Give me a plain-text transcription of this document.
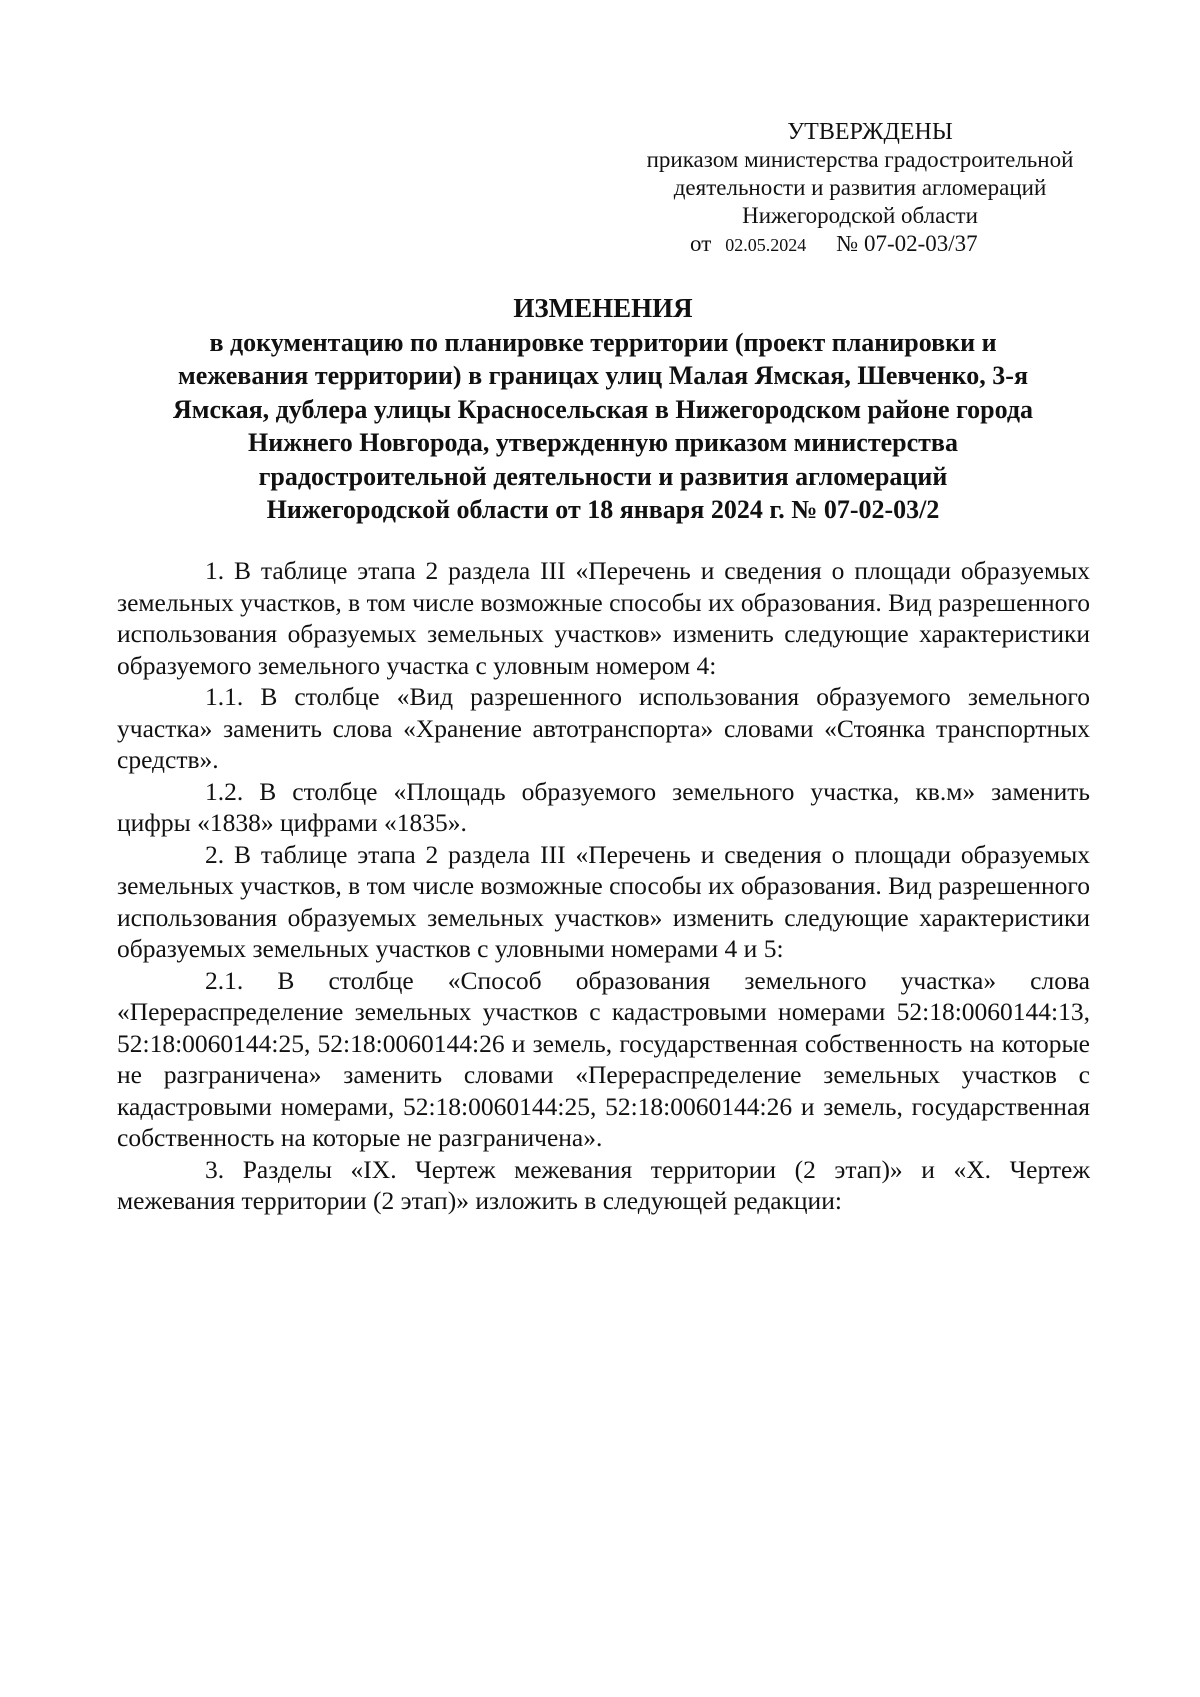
УТВЕРЖДЕНЫ
приказом министерства градостроительной
деятельности и развития агломераций
Нижегородской области
от 02.05.2024 № 07-02-03/37
ИЗМЕНЕНИЯ
в документацию по планировке территории (проект планировки и
межевания территории) в границах улиц Малая Ямская, Шевченко, 3-я
Ямская, дублера улицы Красносельская в Нижегородском районе города
Нижнего Новгорода, утвержденную приказом министерства
градостроительной деятельности и развития агломераций
Нижегородской области от 18 января 2024 г. № 07-02-03/2

1. В таблице этапа 2 раздела III «Перечень и сведения о площади образуемых земельных участков, в том числе возможные способы их образования. Вид разрешенного использования образуемых земельных участков» изменить следующие характеристики образуемого земельного участка с уловным номером 4:

1.1. В столбце «Вид разрешенного использования образуемого земельного участка» заменить слова «Хранение автотранспорта» словами «Стоянка транспортных средств».

1.2. В столбце «Площадь образуемого земельного участка, кв.м» заменить цифры «1838» цифрами «1835».

2. В таблице этапа 2 раздела III «Перечень и сведения о площади образуемых земельных участков, в том числе возможные способы их образования. Вид разрешенного использования образуемых земельных участков» изменить следующие характеристики образуемых земельных участков с уловными номерами 4 и 5:

2.1. В столбце «Способ образования земельного участка» слова «Перераспределение земельных участков с кадастровыми номерами 52:18:0060144:13, 52:18:0060144:25, 52:18:0060144:26 и земель, государственная собственность на которые не разграничена» заменить словами «Перераспределение земельных участков с кадастровыми номерами, 52:18:0060144:25, 52:18:0060144:26 и земель, государственная собственность на которые не разграничена».

3. Разделы «IX. Чертеж межевания территории (2 этап)» и «X. Чертеж межевания территории (2 этап)» изложить в следующей редакции:
